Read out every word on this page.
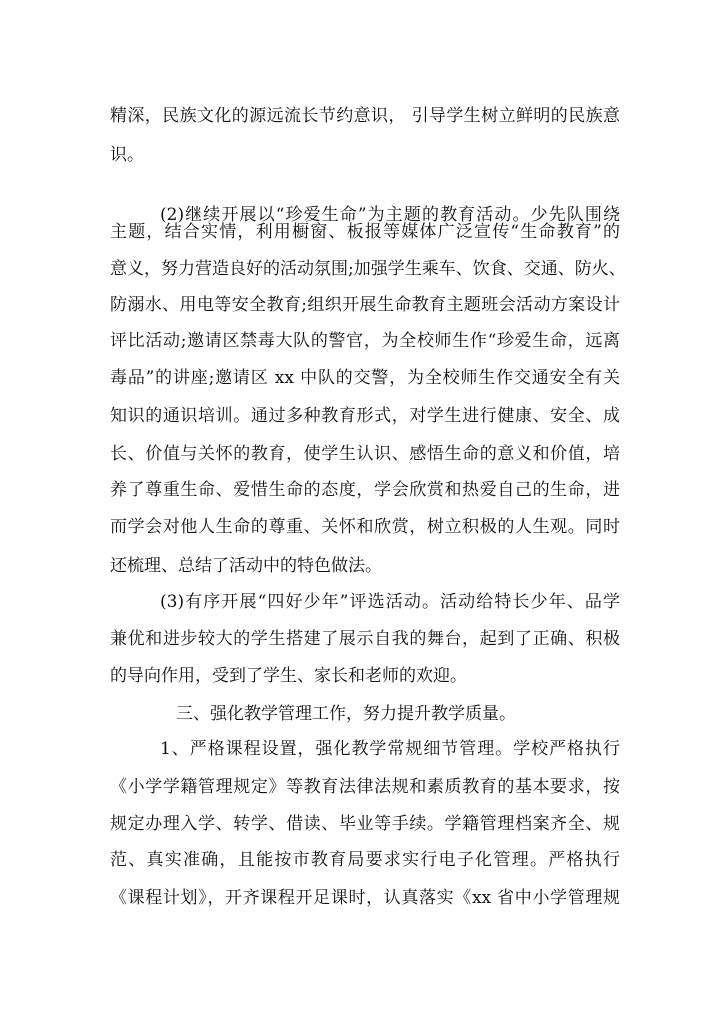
精深，民族文化的源远流长节约意识， 引导学生树立鲜明的民族意
识。
(2)继续开展以“珍爱生命”为主题的教育活动。少先队围绕
主题，结合实情，利用橱窗、板报等媒体广泛宣传“生命教育”的
意义，努力营造良好的活动氛围;加强学生乘车、饮食、交通、防火、
防溺水、用电等安全教育;组织开展生命教育主题班会活动方案设计
评比活动;邀请区禁毒大队的警官，为全校师生作“珍爱生命，远离
毒品”的讲座;邀请区 xx 中队的交警，为全校师生作交通安全有关
知识的通识培训。通过多种教育形式，对学生进行健康、安全、成
长、价值与关怀的教育，使学生认识、感悟生命的意义和价值，培
养了尊重生命、爱惜生命的态度，学会欣赏和热爱自己的生命，进
而学会对他人生命的尊重、关怀和欣赏，树立积极的人生观。同时
还梳理、总结了活动中的特色做法。
(3)有序开展“四好少年”评选活动。活动给特长少年、品学
兼优和进步较大的学生搭建了展示自我的舞台，起到了正确、积极
的导向作用，受到了学生、家长和老师的欢迎。
三、强化教学管理工作，努力提升教学质量。
1、严格课程设置，强化教学常规细节管理。学校严格执行
《小学学籍管理规定》等教育法律法规和素质教育的基本要求，按
规定办理入学、转学、借读、毕业等手续。学籍管理档案齐全、规
范、真实准确，且能按市教育局要求实行电子化管理。严格执行
《课程计划》，开齐课程开足课时，认真落实《xx 省中小学管理规
